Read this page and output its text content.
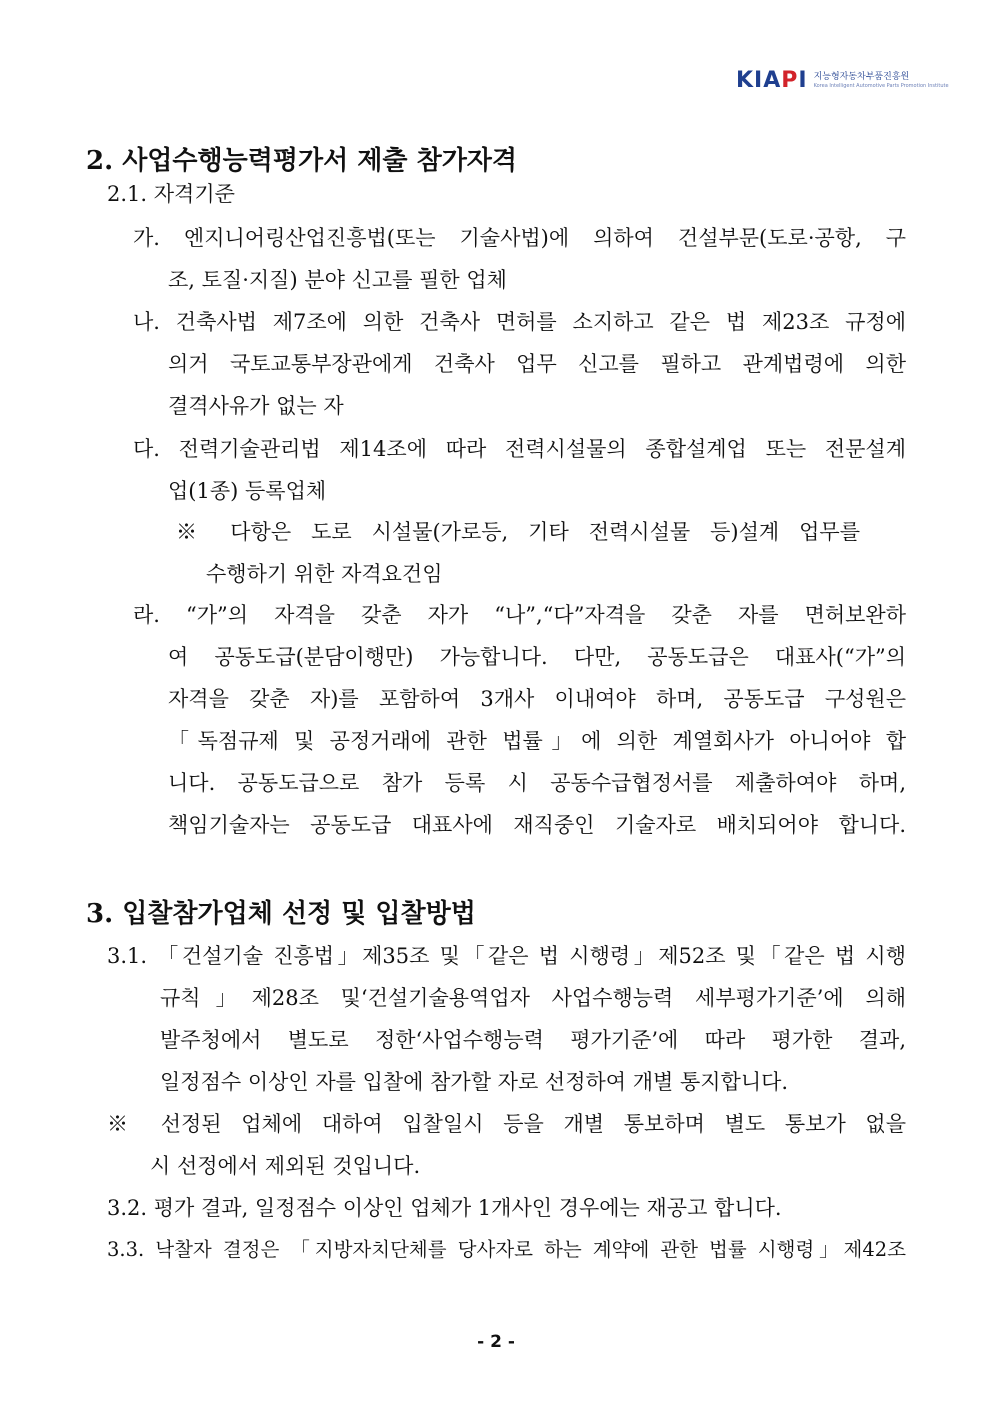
KIAPI 지능형자동차부품진흥원
Korea Intelligent Automotive Parts Promotion Institute
2. 사업수행능력평가서 제출 참가자격

2.1. 자격기준

가. 엔지니어링산업진흥법(또는 기술사법)에 의하여 건설부문(도로·공항, 구

조, 토질·지질) 분야 신고를 필한 업체

나. 건축사법 제7조에 의한 건축사 면허를 소지하고 같은 법 제23조 규정에

의거 국토교통부장관에게 건축사 업무 신고를 필하고 관계법령에 의한

결격사유가 없는 자

다. 전력기술관리법 제14조에 따라 전력시설물의 종합설계업 또는 전문설계

업(1종) 등록업체

※ 다항은 도로 시설물(가로등, 기타 전력시설물 등)설계 업무를

수행하기 위한 자격요건임

라. “가”의 자격을 갖춘 자가 “나”,“다”자격을 갖춘 자를 면허보완하

여 공동도급(분담이행만) 가능합니다. 다만, 공동도급은 대표사(“가”의

자격을 갖춘 자)를 포함하여 3개사 이내여야 하며, 공동도급 구성원은

「독점규제 및 공정거래에 관한 법률」에 의한 계열회사가 아니어야 합

니다. 공동도급으로 참가 등록 시 공동수급협정서를 제출하여야 하며,

책임기술자는 공동도급 대표사에 재직중인 기술자로 배치되어야 합니다.

3. 입찰참가업체 선정 및 입찰방법

3.1. 「건설기술 진흥법」제35조 및「같은 법 시행령」제52조 및「같은 법 시행

규칙」제28조 및‘건설기술용역업자 사업수행능력 세부평가기준’에 의해

발주청에서 별도로 정한‘사업수행능력 평가기준’에 따라 평가한 결과,

일정점수 이상인 자를 입찰에 참가할 자로 선정하여 개별 통지합니다.

※ 선정된 업체에 대하여 입찰일시 등을 개별 통보하며 별도 통보가 없을

시 선정에서 제외된 것입니다.

3.2. 평가 결과, 일정점수 이상인 업체가 1개사인 경우에는 재공고 합니다.

3.3. 낙찰자 결정은 「지방자치단체를 당사자로 하는 계약에 관한 법률 시행령」제42조

- 2 -
